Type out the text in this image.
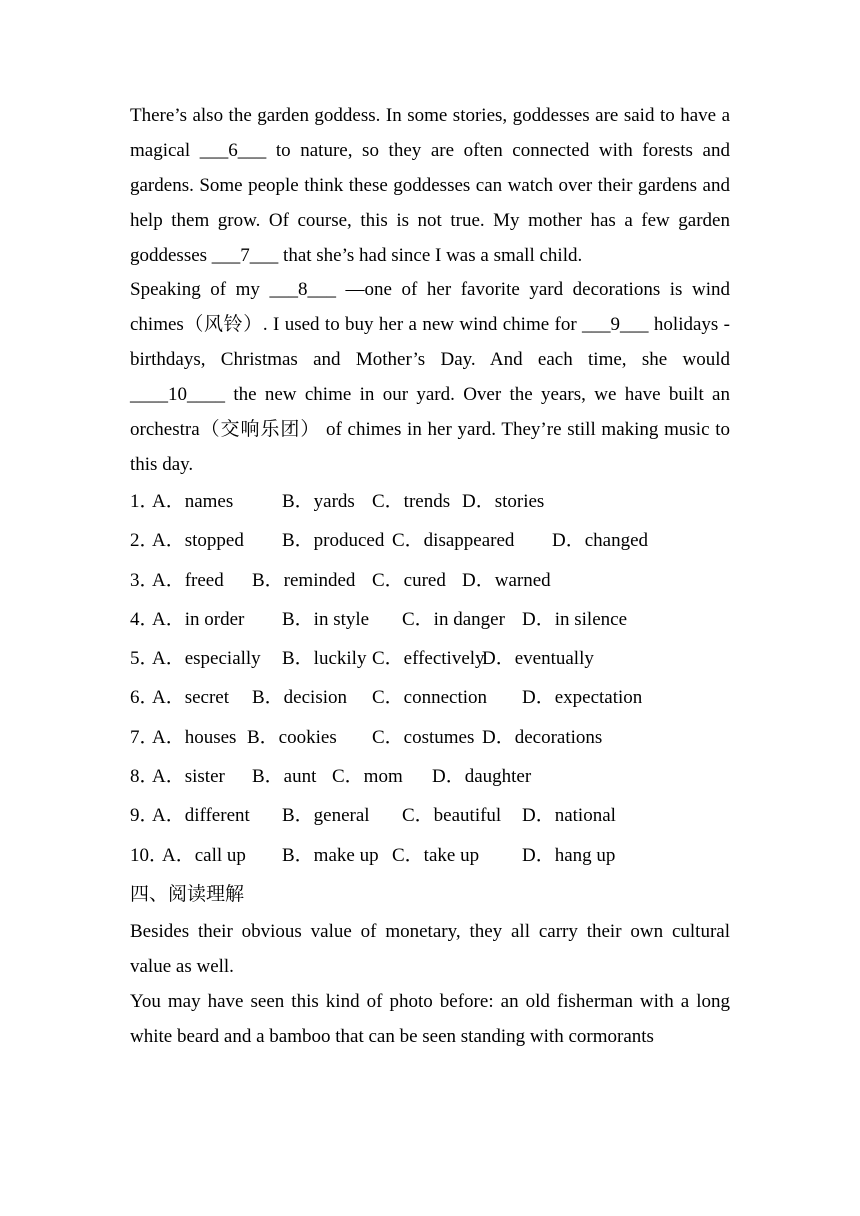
There’s also the garden goddess. In some stories, goddesses are said to have a magical ___6___ to nature, so they are often connected with forests and gardens. Some people think these goddesses can watch over their gardens and help them grow. Of course, this is not true. My mother has a few garden goddesses ___7___ that she’s had since I was a small child.

Speaking of my ___8___ —one of her favorite yard decorations is wind chimes（风铃）. I used to buy her a new wind chime for ___9___ holidays - birthdays, Christmas and Mother’s Day. And each time, she would ____10____ the new chime in our yard. Over the years, we have built an orchestra（交响乐团） of chimes in her yard. They’re still making music to this day.

1．
A．names	B．yards C．trends D．stories
2．
A．stopped B．produced C．disappeared D．changed
3．
A．freed B．reminded C．cured D．warned
4．
A．in order B．in style C．in danger D．in silence
5．
A．especially B．luckily C．effectively
D．eventually
6．
A．secret B．decision C．connection D．expectation
7．
A．houses B．cookies C．costumes D．decorations
8．
A．sister B．aunt C．mom D．daughter
9．
A．different B．general C．beautiful D．national
10．
A．call up B．make up C．take up D．hang up

四、阅读理解

Besides their obvious value of monetary, they all carry their own cultural value as well.

You may have seen this kind of photo before: an old fisherman with a long white beard and a bamboo that can be seen standing with cormorants
